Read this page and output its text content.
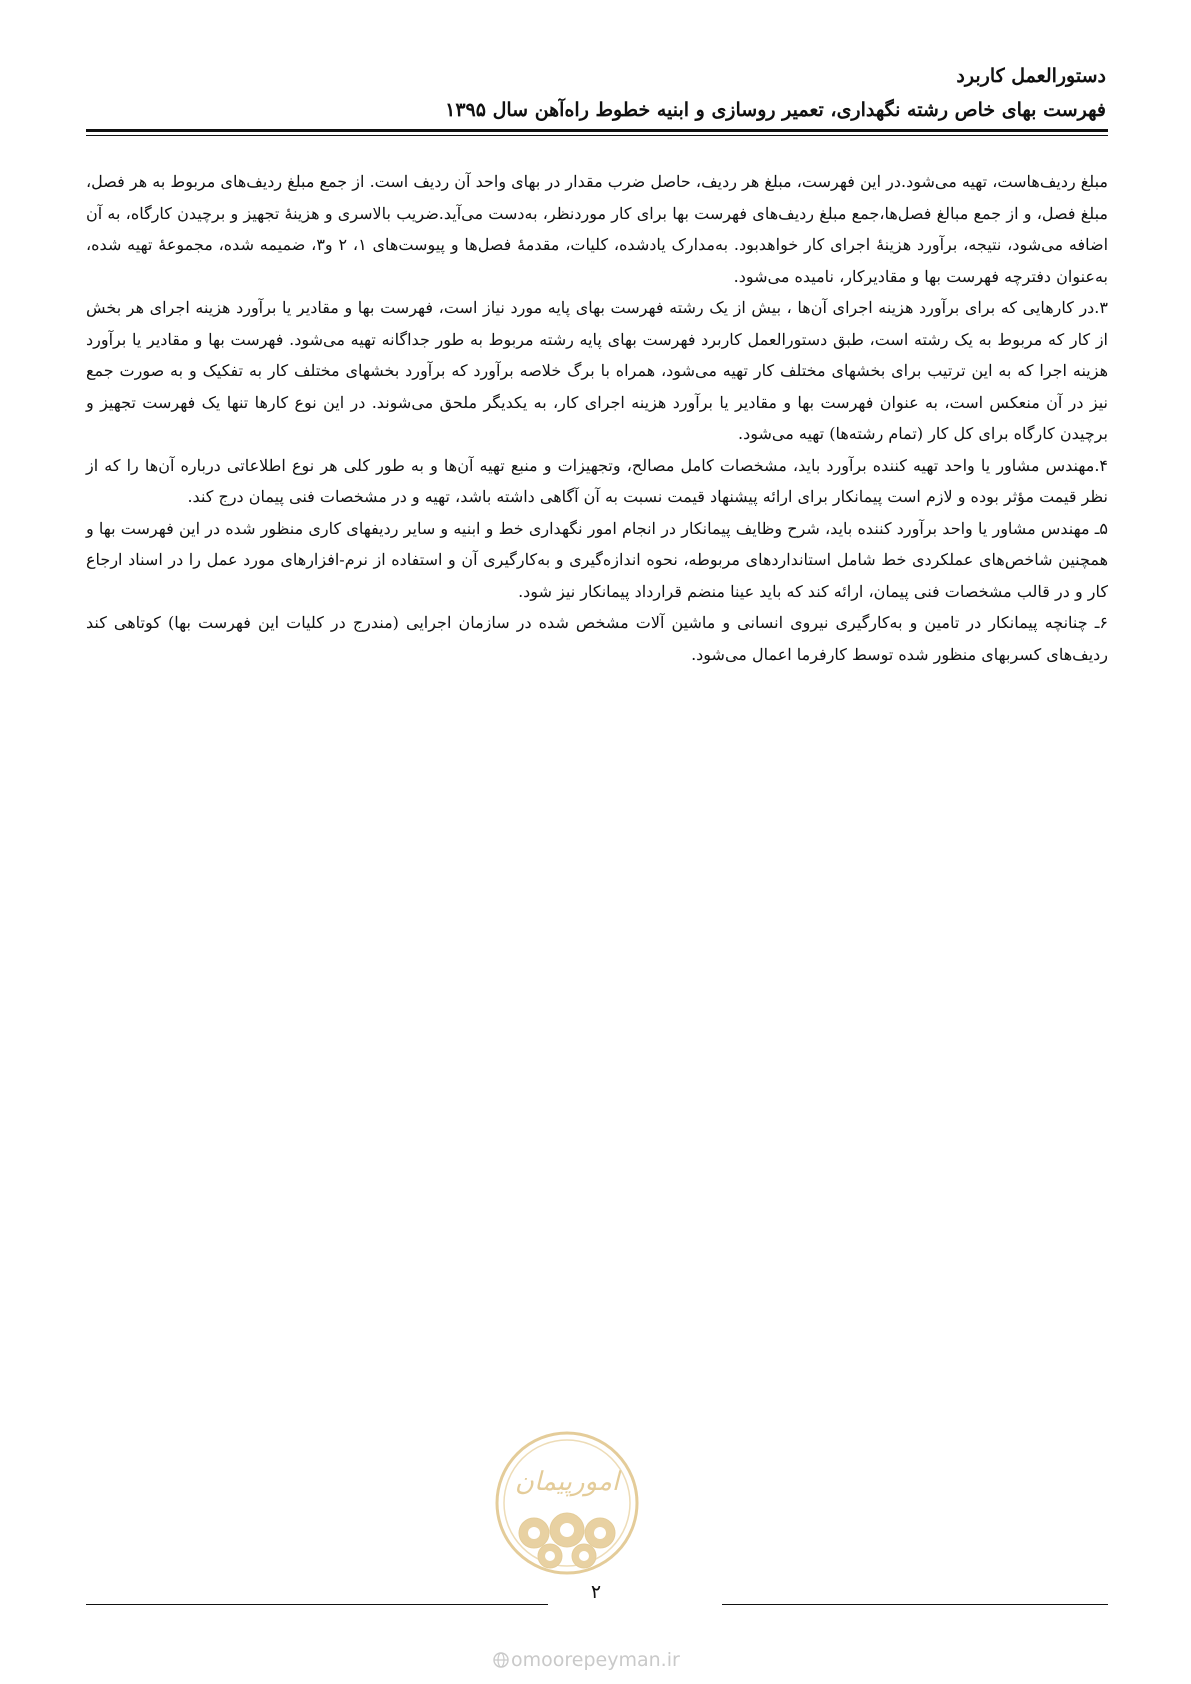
دستورالعمل کاربرد
فهرست بهای خاص رشته نگهداری، تعمیر روسازی و ابنیه خطوط راه‌آهن سال ۱۳۹۵

مبلغ ردیف‌هاست، تهیه می‌شود.در این فهرست، مبلغ هر ردیف، حاصل ضرب مقدار در بهای واحد آن ردیف است. از جمع مبلغ ردیف‌های مربوط به هر فصل، مبلغ فصل، و از جمع مبالغ فصل‌ها،جمع مبلغ ردیف‌های فهرست بها برای کار موردنظر، به‌دست می‌آید.ضریب بالاسری و هزینهٔ تجهیز و برچیدن کارگاه، به آن اضافه می‌شود، نتیجه، برآورد هزینهٔ اجرای کار خواهدبود. به‌مدارک یادشده، کلیات، مقدمهٔ فصل‌ها و پیوست‌های ۱، ۲ و۳، ضمیمه شده، مجموعهٔ تهیه شده، به‌عنوان دفترچه فهرست بها و مقادیرکار، نامیده می‌شود.

۳.در کارهایی که برای برآورد هزینه اجرای آن‌ها ، بیش از یک رشته فهرست بهای پایه مورد نیاز است، فهرست بها و مقادیر یا برآورد هزینه اجرای هر بخش از کار که مربوط به یک رشته است، طبق دستورالعمل کاربرد فهرست بهای پایه رشته مربوط به طور جداگانه تهیه می‌شود. فهرست بها و مقادیر یا برآورد هزینه اجرا که به این ترتیب برای بخشهای مختلف کار تهیه می‌شود، همراه با برگ خلاصه برآورد که برآورد بخشهای مختلف کار به تفکیک و به صورت جمع نیز در آن منعکس است، به عنوان فهرست بها و مقادیر یا برآورد هزینه اجرای کار، به یکدیگر ملحق می‌شوند. در این نوع کارها تنها یک فهرست تجهیز و برچیدن کارگاه برای کل کار (تمام رشته‌ها) تهیه می‌شود.

۴.مهندس مشاور یا واحد تهیه کننده برآورد باید، مشخصات کامل مصالح، وتجهیزات و منبع تهیه آن‌ها و به طور کلی هر نوع اطلاعاتی درباره آن‌ها را که از نظر قیمت مؤثر بوده و لازم است پیمانکار برای ارائه پیشنهاد قیمت نسبت به آن آگاهی داشته باشد، تهیه و در مشخصات فنی پیمان درج کند.

۵ـ مهندس مشاور یا واحد برآورد کننده باید، شرح وظایف پیمانکار در انجام امور نگهداری خط و ابنیه و سایر ردیفهای کاری منظور شده در این فهرست بها و همچنین شاخص‌های عملکردی خط شامل استانداردهای مربوطه، نحوه اندازه‌گیری و به‌کارگیری آن و استفاده از نرم-افزارهای مورد عمل را در اسناد ارجاع کار و در قالب مشخصات فنی پیمان، ارائه کند که باید عینا منضم قرارداد پیمانکار نیز شود.

۶ـ چنانچه پیمانکار در تامین و به‌کارگیری نیروی انسانی و ماشین آلات مشخص شده در سازمان اجرایی (مندرج در کلیات این فهرست بها) کوتاهی کند ردیف‌های کسربهای منظور شده توسط کارفرما اعمال می‌شود.

امورپیمان
۲
omoorepeyman.ir
